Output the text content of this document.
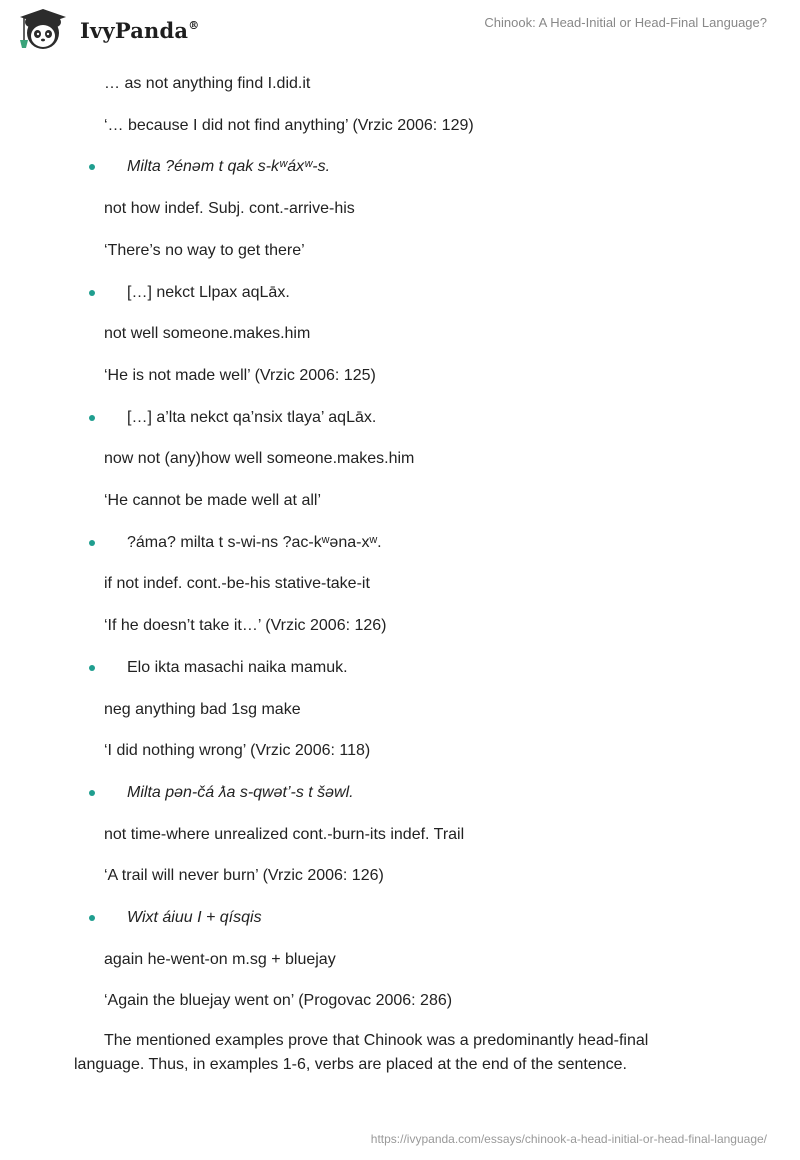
IvyPanda®	Chinook: A Head-Initial or Head-Final Language?
… as not anything find I.did.it
‘… because I did not find anything’ (Vrzic 2006: 129)
Milta ?énəm t qak s-kʷáxʷ-s.
not how indef. Subj. cont.-arrive-his
‘There’s no way to get there’
[…] nekct Llpax aqLāx.
not well someone.makes.him
‘He is not made well’ (Vrzic 2006: 125)
[…] a’lta nekct qa’nsix tlaya’ aqLāx.
now not (any)how well someone.makes.him
‘He cannot be made well at all’
?áma? milta t s-wi-ns ?ac-kʷəna-xʷ.
if not indef. cont.-be-his stative-take-it
‘If he doesn’t take it…’ (Vrzic 2006: 126)
Elo ikta masachi naika mamuk.
neg anything bad 1sg make
‘I did nothing wrong’ (Vrzic 2006: 118)
Milta pən-čá ƛa s-qwət’-s t šəwl.
not time-where unrealized cont.-burn-its indef. Trail
‘A trail will never burn’ (Vrzic 2006: 126)
Wixt áiuu I + qísqis
again he-went-on m.sg + bluejay
‘Again the bluejay went on’ (Progovac 2006: 286)
The mentioned examples prove that Chinook was a predominantly head-final language. Thus, in examples 1-6, verbs are placed at the end of the sentence.
https://ivypanda.com/essays/chinook-a-head-initial-or-head-final-language/
